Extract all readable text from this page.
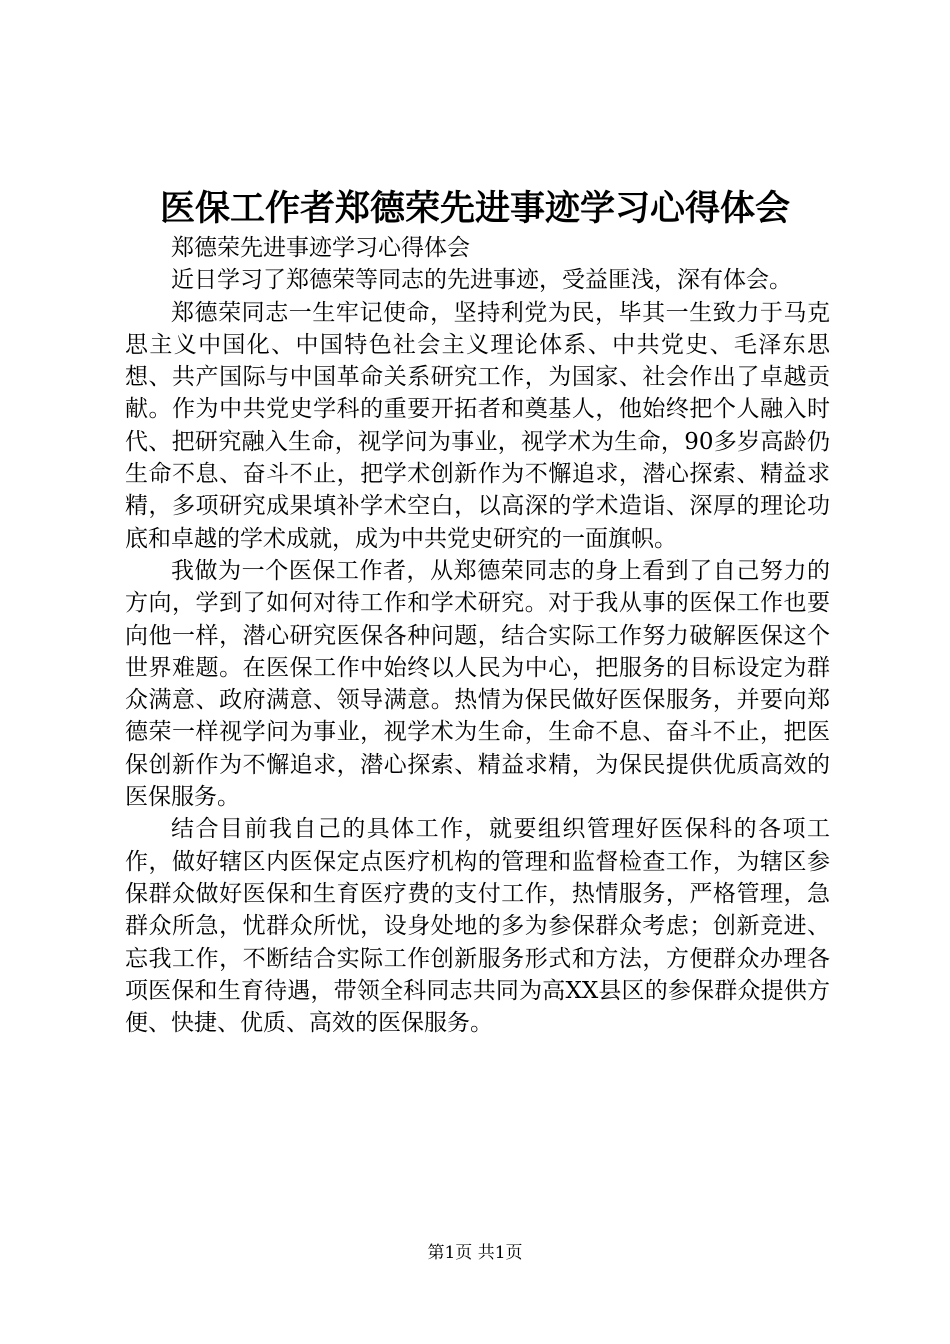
医保工作者郑德荣先进事迹学习心得体会

郑德荣先进事迹学习心得体会

近日学习了郑德荣等同志的先进事迹，受益匪浅，深有体会。

郑德荣同志一生牢记使命，坚持利党为民，毕其一生致力于马克思主义中国化、中国特色社会主义理论体系、中共党史、毛泽东思想、共产国际与中国革命关系研究工作，为国家、社会作出了卓越贡献。作为中共党史学科的重要开拓者和奠基人，他始终把个人融入时代、把研究融入生命，视学问为事业，视学术为生命，90多岁高龄仍生命不息、奋斗不止，把学术创新作为不懈追求，潜心探索、精益求精，多项研究成果填补学术空白，以高深的学术造诣、深厚的理论功底和卓越的学术成就，成为中共党史研究的一面旗帜。

我做为一个医保工作者，从郑德荣同志的身上看到了自己努力的方向，学到了如何对待工作和学术研究。对于我从事的医保工作也要向他一样，潜心研究医保各种问题，结合实际工作努力破解医保这个世界难题。在医保工作中始终以人民为中心，把服务的目标设定为群众满意、政府满意、领导满意。热情为保民做好医保服务，并要向郑德荣一样视学问为事业，视学术为生命，生命不息、奋斗不止，把医保创新作为不懈追求，潜心探索、精益求精，为保民提供优质高效的医保服务。

结合目前我自己的具体工作，就要组织管理好医保科的各项工作，做好辖区内医保定点医疗机构的管理和监督检查工作，为辖区参保群众做好医保和生育医疗费的支付工作，热情服务，严格管理，急群众所急，忧群众所忧，设身处地的多为参保群众考虑；创新竞进、忘我工作，不断结合实际工作创新服务形式和方法，方便群众办理各项医保和生育待遇，带领全科同志共同为高XX县区的参保群众提供方便、快捷、优质、高效的医保服务。

第1页 共1页
